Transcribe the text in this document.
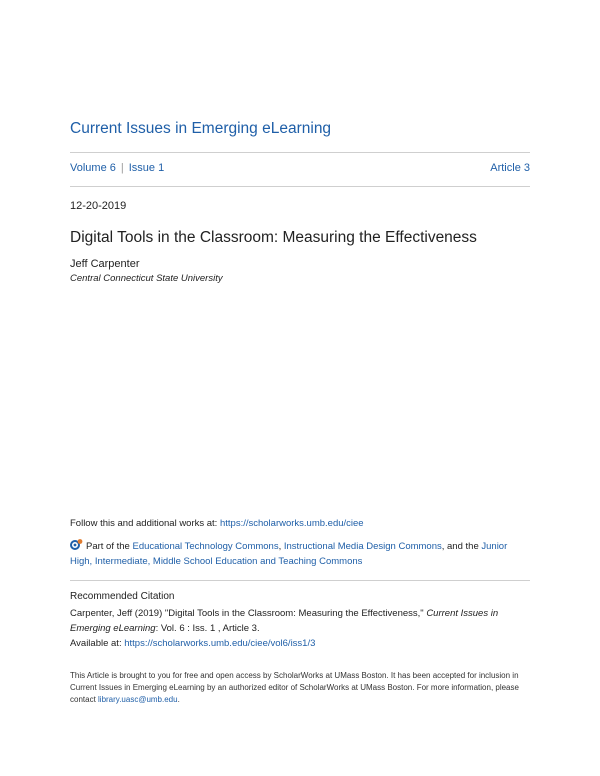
Current Issues in Emerging eLearning
Volume 6 | Issue 1	Article 3
12-20-2019
Digital Tools in the Classroom: Measuring the Effectiveness
Jeff Carpenter
Central Connecticut State University
Follow this and additional works at: https://scholarworks.umb.edu/ciee
Part of the Educational Technology Commons, Instructional Media Design Commons, and the Junior High, Intermediate, Middle School Education and Teaching Commons
Recommended Citation
Carpenter, Jeff (2019) "Digital Tools in the Classroom: Measuring the Effectiveness," Current Issues in Emerging eLearning: Vol. 6 : Iss. 1 , Article 3.
Available at: https://scholarworks.umb.edu/ciee/vol6/iss1/3
This Article is brought to you for free and open access by ScholarWorks at UMass Boston. It has been accepted for inclusion in Current Issues in Emerging eLearning by an authorized editor of ScholarWorks at UMass Boston. For more information, please contact library.uasc@umb.edu.
